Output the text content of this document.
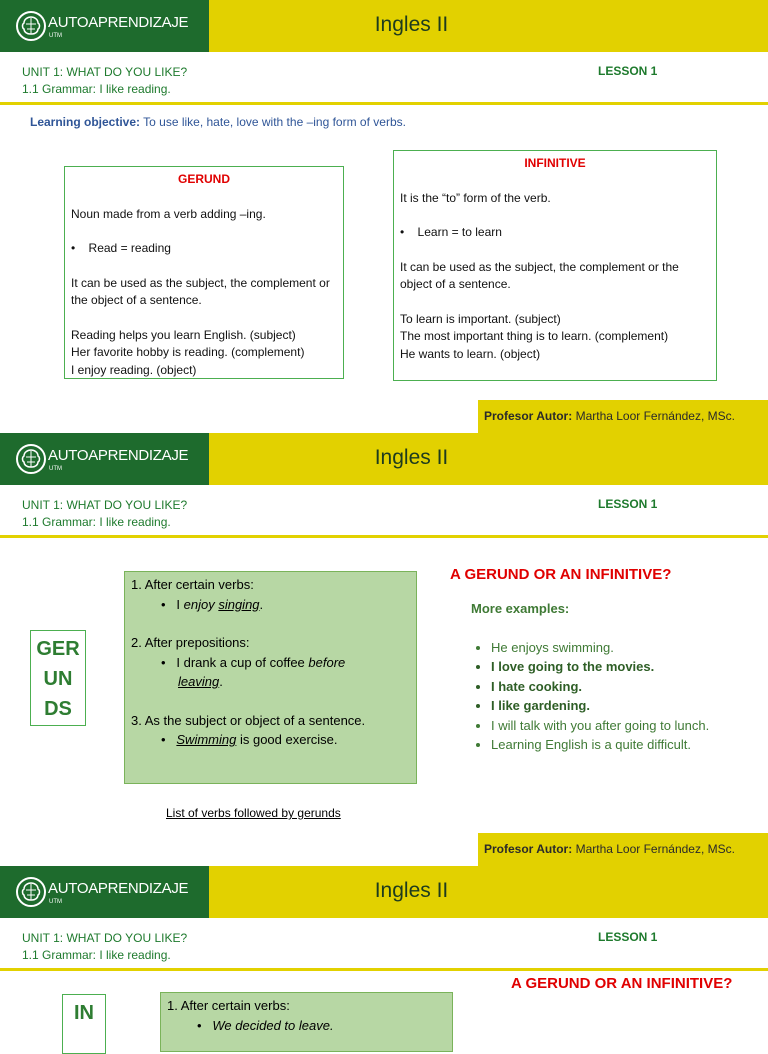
AUTOAPRENDIZAJE
UTM	Ingles II
UNIT 1: WHAT DO YOU LIKE?
1.1 Grammar: I like reading.
LESSON 1
Learning objective: To use like, hate, love with the –ing form of verbs.
GERUND
Noun made from a verb adding –ing.
•    Read = reading
It can be used as the subject, the complement or the object of a sentence.
Reading helps you learn English. (subject)
Her favorite hobby is reading. (complement)
I enjoy reading. (object)
INFINITIVE
It is the “to” form of the verb.
•    Learn = to learn
It can be used as the subject, the complement or the object of a sentence.
To learn is important. (subject)
The most important thing is to learn. (complement)
He wants to learn. (object)
Profesor Autor: Martha Loor Fernández, MSc.
AUTOAPRENDIZAJE
UTM	Ingles II
UNIT 1: WHAT DO YOU LIKE?
1.1 Grammar: I like reading.
LESSON 1
GER
UN
DS
1. After certain verbs:
•   I enjoy singing.
2. After prepositions:
•   I drank a cup of coffee before
leaving.
3. As the subject or object of a sentence.
•   Swimming is good exercise.
List of verbs followed by gerunds
A GERUND OR AN INFINITIVE?
More examples:
• He enjoys swimming.
• I love going to the movies.
• I hate cooking.
• I like gardening.
• I will talk with you after going to lunch.
• Learning English is a quite difficult.
Profesor Autor: Martha Loor Fernández, MSc.
AUTOAPRENDIZAJE
UTM	Ingles II
UNIT 1: WHAT DO YOU LIKE?
1.1 Grammar: I like reading.
LESSON 1
A GERUND OR AN INFINITIVE?
IN	1. After certain verbs:
•   We decided to leave.
